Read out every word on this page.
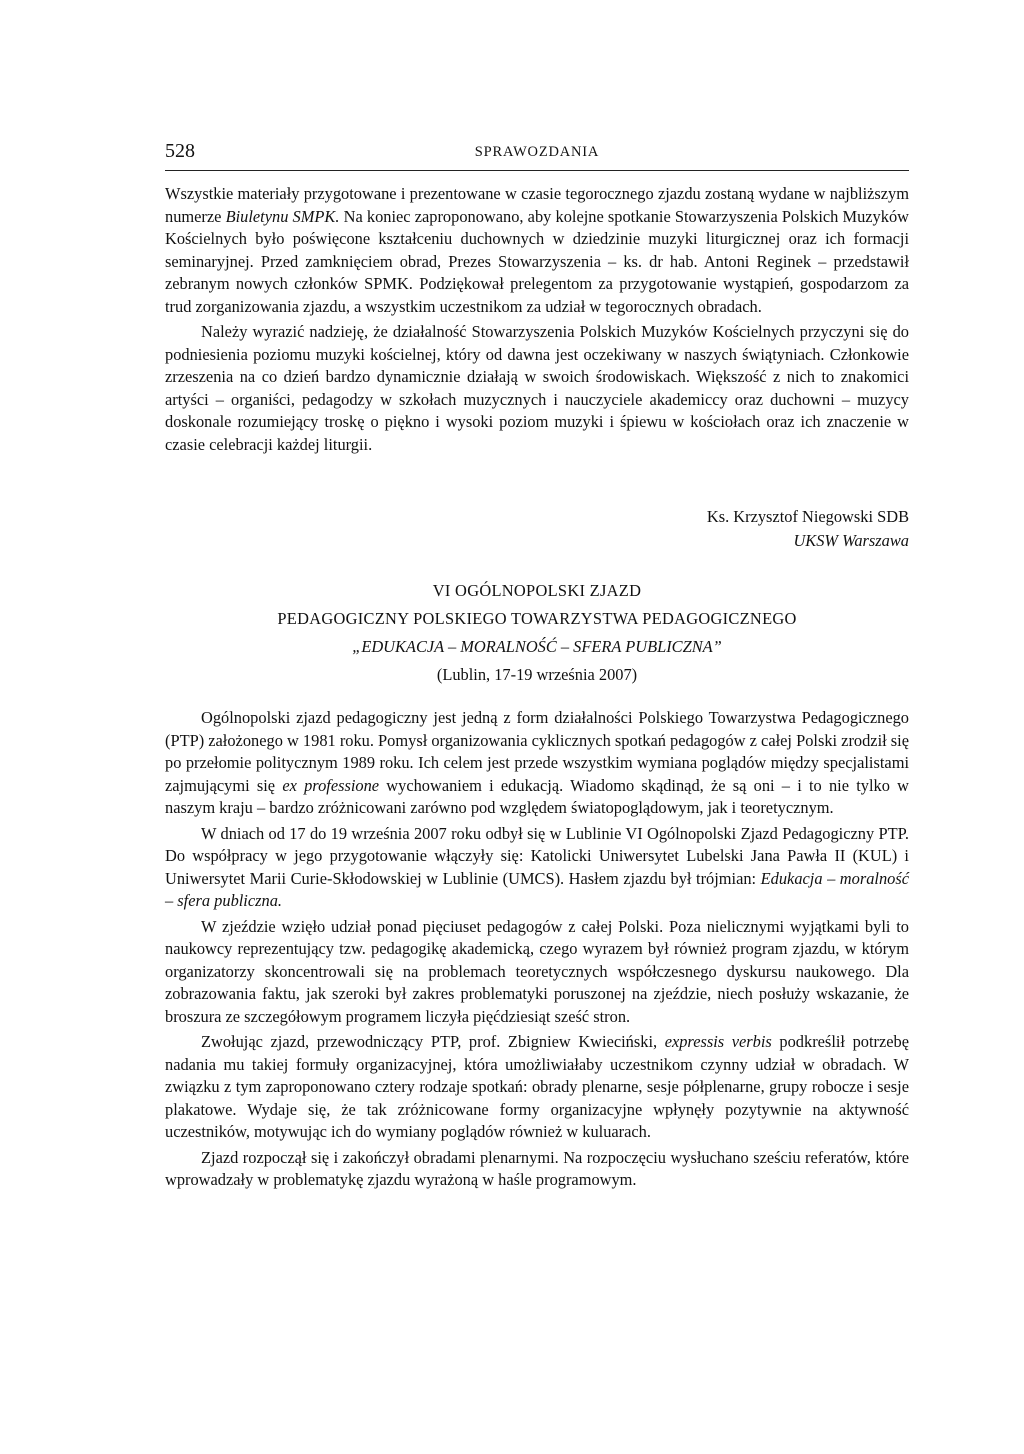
528	SPRAWOZDANIA

Wszystkie materiały przygotowane i prezentowane w czasie tegorocznego zjazdu zostaną wydane w najbliższym numerze Biuletynu SMPK. Na koniec zaproponowano, aby kolejne spotkanie Stowarzyszenia Polskich Muzyków Kościelnych było poświęcone kształceniu duchownych w dziedzinie muzyki liturgicznej oraz ich formacji seminaryjnej. Przed zamknięciem obrad, Prezes Stowarzyszenia – ks. dr hab. Antoni Reginek – przedstawił zebranym nowych członków SPMK. Podziękował prelegentom za przygotowanie wystąpień, gospodarzom za trud zorganizowania zjazdu, a wszystkim uczestnikom za udział w tegorocznych obradach.

Należy wyrazić nadzieję, że działalność Stowarzyszenia Polskich Muzyków Kościelnych przyczyni się do podniesienia poziomu muzyki kościelnej, który od dawna jest oczekiwany w naszych świątyniach. Członkowie zrzeszenia na co dzień bardzo dynamicznie działają w swoich środowiskach. Większość z nich to znakomici artyści – organiści, pedagodzy w szkołach muzycznych i nauczyciele akademiccy oraz duchowni – muzycy doskonale rozumiejący troskę o piękno i wysoki poziom muzyki i śpiewu w kościołach oraz ich znaczenie w czasie celebracji każdej liturgii.

Ks. Krzysztof Niegowski SDB
UKSW Warszawa
VI OGÓLNOPOLSKI ZJAZD
PEDAGOGICZNY POLSKIEGO TOWARZYSTWA PEDAGOGICZNEGO
„EDUKACJA – MORALNOŚĆ – SFERA PUBLICZNA”
(Lublin, 17-19 września 2007)

Ogólnopolski zjazd pedagogiczny jest jedną z form działalności Polskiego Towarzystwa Pedagogicznego (PTP) założonego w 1981 roku. Pomysł organizowania cyklicznych spotkań pedagogów z całej Polski zrodził się po przełomie politycznym 1989 roku. Ich celem jest przede wszystkim wymiana poglądów między specjalistami zajmującymi się ex professione wychowaniem i edukacją. Wiadomo skądinąd, że są oni – i to nie tylko w naszym kraju – bardzo zróżnicowani zarówno pod względem światopoglądowym, jak i teoretycznym.

W dniach od 17 do 19 września 2007 roku odbył się w Lublinie VI Ogólnopolski Zjazd Pedagogiczny PTP. Do współpracy w jego przygotowanie włączyły się: Katolicki Uniwersytet Lubelski Jana Pawła II (KUL) i Uniwersytet Marii Curie-Skłodowskiej w Lublinie (UMCS). Hasłem zjazdu był trójmian: Edukacja – moralność – sfera publiczna.

W zjeździe wzięło udział ponad pięciuset pedagogów z całej Polski. Poza nielicznymi wyjątkami byli to naukowcy reprezentujący tzw. pedagogikę akademicką, czego wyrazem był również program zjazdu, w którym organizatorzy skoncentrowali się na problemach teoretycznych współczesnego dyskursu naukowego. Dla zobrazowania faktu, jak szeroki był zakres problematyki poruszonej na zjeździe, niech posłuży wskazanie, że broszura ze szczegółowym programem liczyła pięćdziesiąt sześć stron.

Zwołując zjazd, przewodniczący PTP, prof. Zbigniew Kwieciński, expressis verbis podkreślił potrzebę nadania mu takiej formuły organizacyjnej, która umożliwiałaby uczestnikom czynny udział w obradach. W związku z tym zaproponowano cztery rodzaje spotkań: obrady plenarne, sesje półplenarne, grupy robocze i sesje plakatowe. Wydaje się, że tak zróżnicowane formy organizacyjne wpłynęły pozytywnie na aktywność uczestników, motywując ich do wymiany poglądów również w kuluarach.

Zjazd rozpoczął się i zakończył obradami plenarnymi. Na rozpoczęciu wysłuchano sześciu referatów, które wprowadzały w problematykę zjazdu wyrażoną w haśle programowym.
